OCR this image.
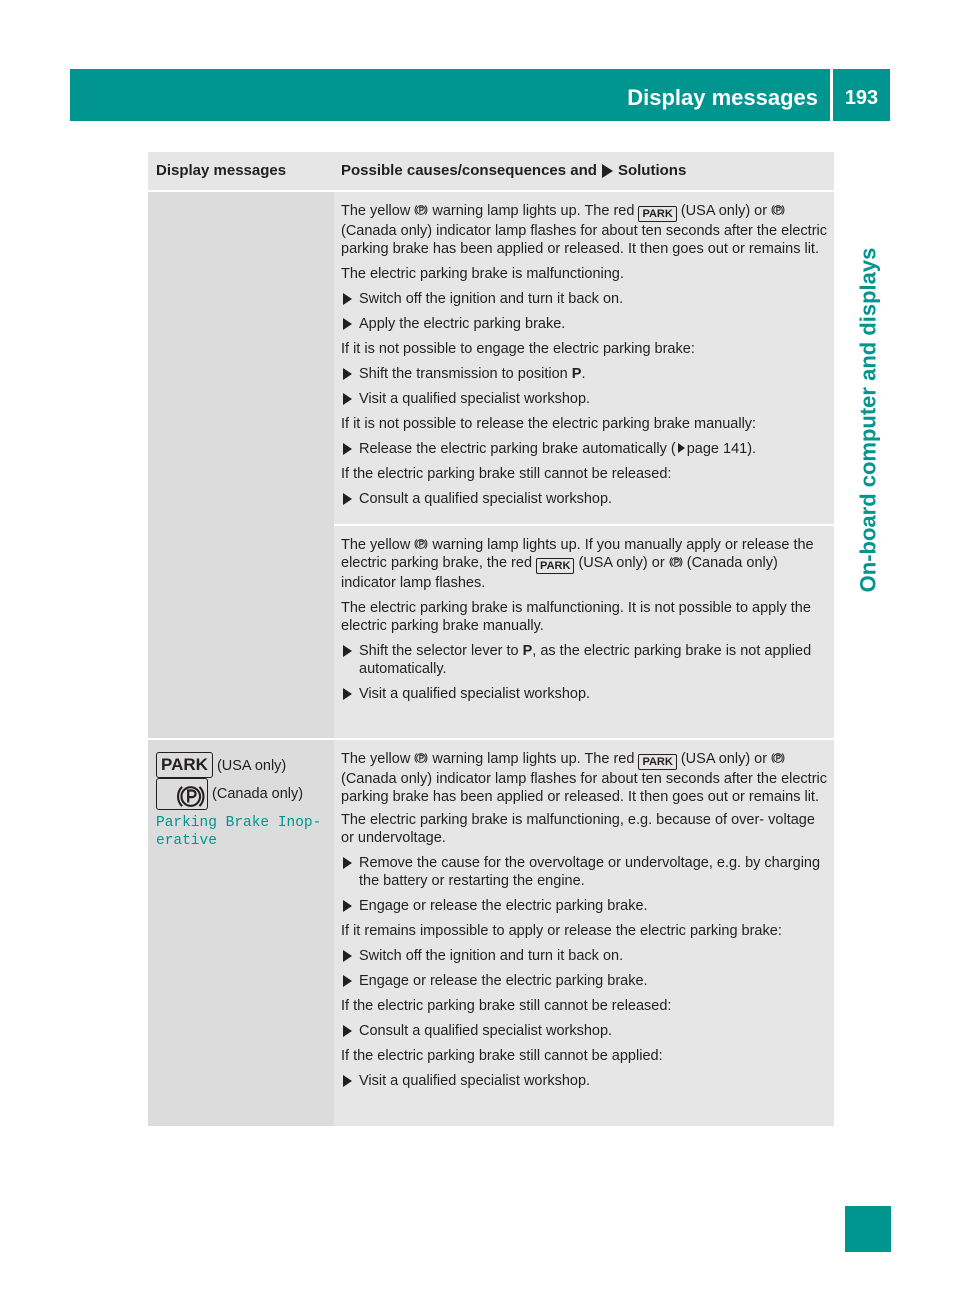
Display messages	193
On-board computer and displays
Display messages	Possible causes/consequences and Solutions

The yellow warning lamp lights up. The red PARK (USA only) or  (Canada only) indicator lamp flashes for about ten seconds after the electric parking brake has been applied or released. It then goes out or remains lit.

The electric parking brake is malfunctioning.

Switch off the ignition and turn it back on.
Apply the electric parking brake.

If it is not possible to engage the electric parking brake:

Shift the transmission to position P.
Visit a qualified specialist workshop.

If it is not possible to release the electric parking brake manually:

Release the electric parking brake automatically ( page 141).

If the electric parking brake still cannot be released:

Consult a qualified specialist workshop.

The yellow warning lamp lights up. If you manually apply or release the electric parking brake, the red PARK (USA only) or (Canada only) indicator lamp flashes.

The electric parking brake is malfunctioning. It is not possible to apply the electric parking brake manually.

Shift the selector lever to P, as the electric parking brake is not applied automatically.
Visit a qualified specialist workshop.
PARK (USA only)  (Canada only)
Parking Brake Inop‐ erative

The yellow warning lamp lights up. The red PARK (USA only) or  (Canada only) indicator lamp flashes for about ten seconds after the electric parking brake has been applied or released. It then goes out or remains lit.

The electric parking brake is malfunctioning, e.g. because of over- voltage or undervoltage.

Remove the cause for the overvoltage or undervoltage, e.g. by charging the battery or restarting the engine.
Engage or release the electric parking brake.

If it remains impossible to apply or release the electric parking brake:

Switch off the ignition and turn it back on.
Engage or release the electric parking brake.

If the electric parking brake still cannot be released:

Consult a qualified specialist workshop.

If the electric parking brake still cannot be applied:

Visit a qualified specialist workshop.
